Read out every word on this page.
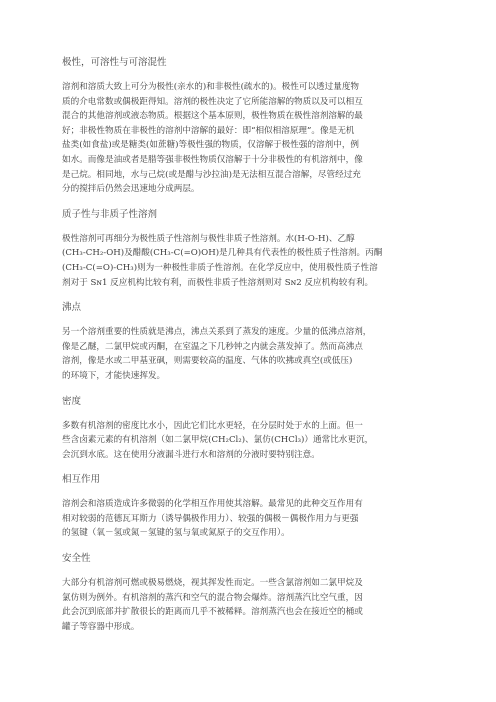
极性，可溶性与可溶混性
溶剂和溶质大致上可分为极性(亲水的)和非极性(疏水的)。极性可以透过量度物
质的介电常数或偶极距得知。溶剂的极性决定了它所能溶解的物质以及可以相互
混合的其他溶剂或液态物质。根据这个基本原则，极性物质在极性溶剂溶解的最
好；非极性物质在非极性的溶剂中溶解的最好：即“相似相溶原理”。像是无机
盐类(如食盐)或是糖类(如蔗糖)等极性强的物质，仅溶解于极性强的溶剂中，例
如水。而像是油或者是腊等强非极性物质仅溶解于十分非极性的有机溶剂中，像
是己烷。相同地，水与己烷(或是醋与沙拉油)是无法相互混合溶解，尽管经过充
分的搅拌后仍然会迅速地分成两层。
质子性与非质子性溶剂
极性溶剂可再细分为极性质子性溶剂与极性非质子性溶剂。水(H-O-H)、乙醇
(CH₃-CH₂-OH)及醋酸(CH₃-C(=O)OH)是几种具有代表性的极性质子性溶剂。丙酮
(CH₃-C(=O)-CH₃)则为一种极性非质子性溶剂。在化学反应中，使用极性质子性溶
剂对于 Sɴ1 反应机构比较有利，而极性非质子性溶剂则对 Sɴ2 反应机构较有利。
沸点
另一个溶剂重要的性质就是沸点，沸点关系到了蒸发的速度。少量的低沸点溶剂，
像是乙醚，二氯甲烷或丙酮，在室温之下几秒钟之内就会蒸发掉了。然而高沸点
溶剂，像是水或二甲基亚砜，则需要较高的温度、气体的吹拂或真空(或低压)
的环境下，才能快速挥发。
密度
多数有机溶剂的密度比水小，因此它们比水更轻，在分层时处于水的上面。但一
些含卤素元素的有机溶剂（如二氯甲烷(CH₂Cl₂)、氯仿(CHCl₃)）通常比水更沉，
会沉到水底。这在使用分液漏斗进行水和溶剂的分液时要特别注意。
相互作用
溶剂会和溶质造成许多微弱的化学相互作用使其溶解。最常见的此种交互作用有
相对较弱的范德瓦耳斯力（诱导偶极作用力）、较强的偶极－偶极作用力与更强
的氢键（氧－氢或氮－氢键的氢与氧或氮原子的交互作用）。
安全性
大部分有机溶剂可燃或极易燃烧，视其挥发性而定。一些含氯溶剂如二氯甲烷及
氯仿则为例外。有机溶剂的蒸汽和空气的混合物会爆炸。溶剂蒸汽比空气重，因
此会沉到底部并扩散很长的距离而几乎不被稀释。溶剂蒸汽也会在接近空的桶或
罐子等容器中形成。
